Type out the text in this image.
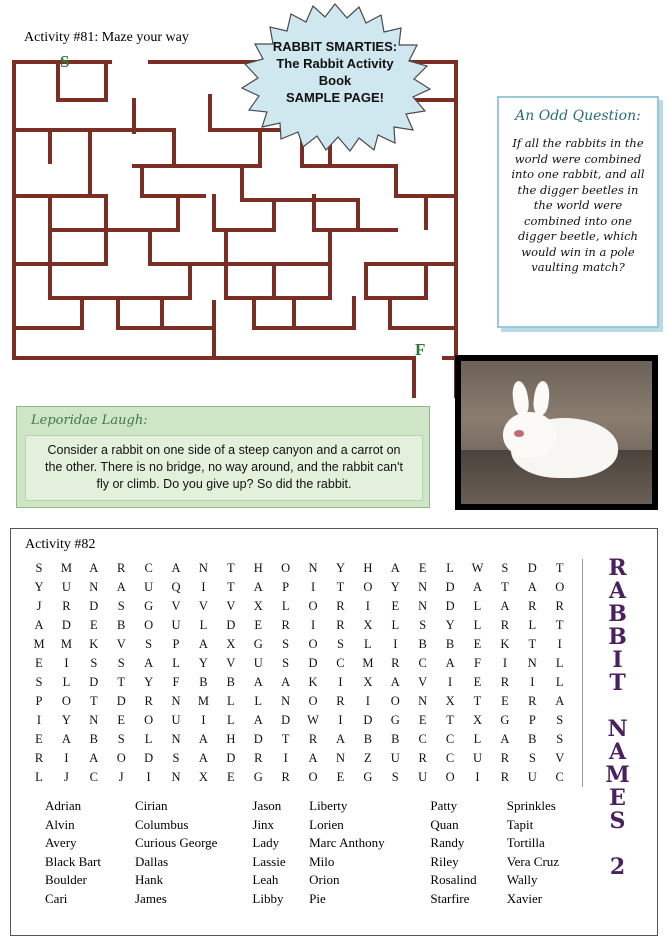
Activity #81: Maze your way
S
F
RABBIT SMARTIES:
The Rabbit Activity
Book
SAMPLE PAGE!
An Odd Question:
If all the rabbits in the world were combined into one rabbit, and all the digger beetles in the world were combined into one digger beetle, which would win in a pole vaulting match?
Leporidae Laugh:
Consider a rabbit on one side of a steep canyon and a carrot on the other. There is no bridge, no way around, and the rabbit can't fly or climb. Do you give up? So did the rabbit.
Activity #82
S	M	A	R	C	A	N	T	H	O	N	Y	H	A	E	L	W	S	D	T
Y	U	N	A	U	Q	I	T	A	P	I	T	O	Y	N	D	A	T	A	O
J	R	D	S	G	V	V	V	X	L	O	R	I	E	N	D	L	A	R	R
A	D	E	B	O	U	L	D	E	R	I	R	X	L	S	Y	L	R	L	T
M	M	K	V	S	P	A	X	G	S	O	S	L	I	B	B	E	K	T	I
E	I	S	S	A	L	Y	V	U	S	D	C	M	R	C	A	F	I	N	L
S	L	D	T	Y	F	B	B	A	A	K	I	X	A	V	I	E	R	I	L
P	O	T	D	R	N	M	L	L	N	O	R	I	O	N	X	T	E	R	A
I	Y	N	E	O	U	I	L	A	D	W	I	D	G	E	T	X	G	P	S
E	A	B	S	L	N	A	H	D	T	R	A	B	B	C	C	L	A	B	S
R	I	A	O	D	S	A	D	R	I	A	N	Z	U	R	C	U	R	S	V
L	J	C	J	I	N	X	E	G	R	O	E	G	S	U	O	I	R	U	C
R
A
B
B
I
T

N
A
M
E
S

2
Adrian
Alvin
Avery
Black Bart
Boulder
Cari
Cirian
Columbus
Curious George
Dallas
Hank
James
Jason
Jinx
Lady
Lassie
Leah
Libby
Liberty
Lorien
Marc Anthony
Milo
Orion
Pie
Patty
Quan
Randy
Riley
Rosalind
Starfire
Sprinkles
Tapit
Tortilla
Vera Cruz
Wally
Xavier
